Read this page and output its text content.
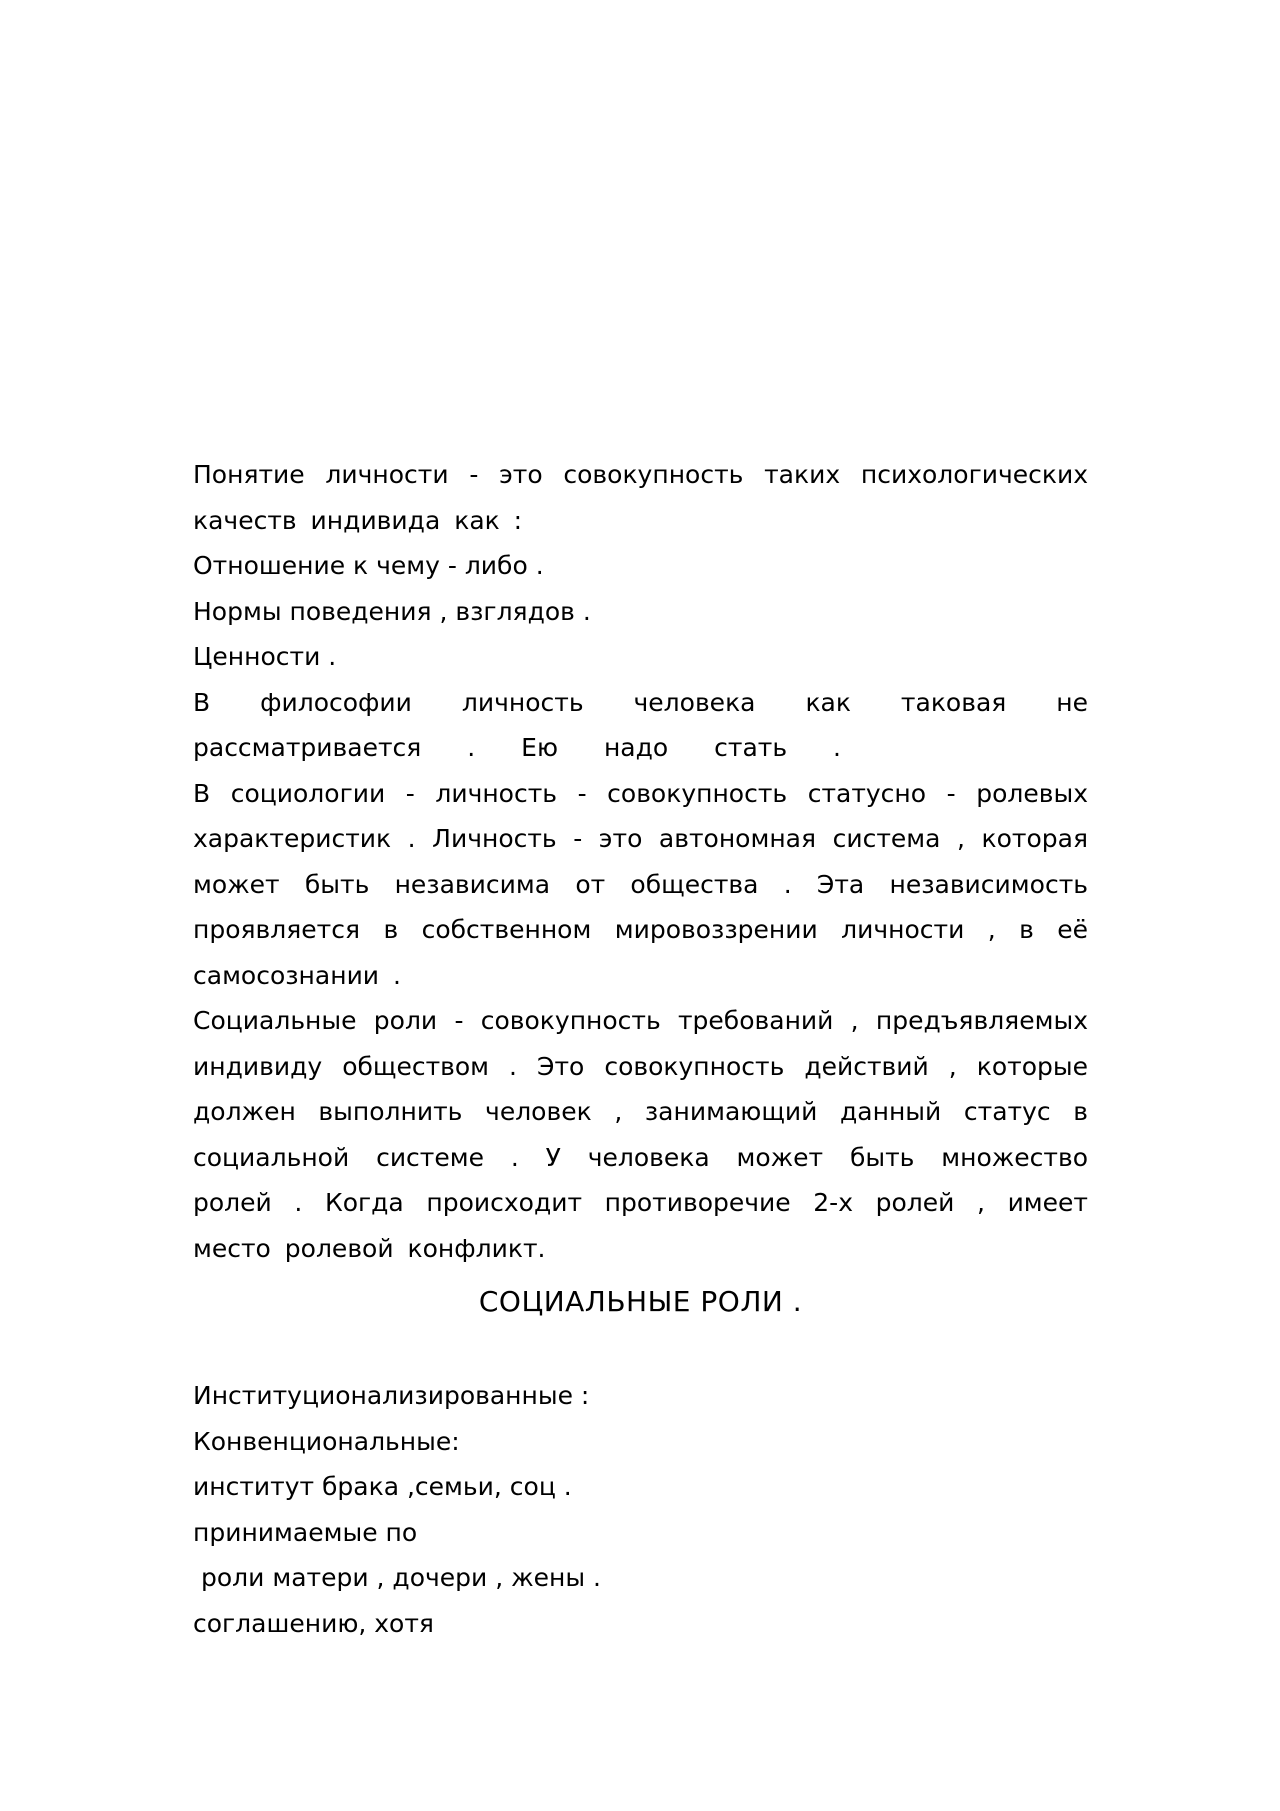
Понятие личности - это совокупность таких психологических качеств индивида как :

Отношение к чему - либо .

Нормы поведения , взглядов .

Ценности .

В философии личность человека как таковая не рассматривается . Ею надо стать .

В социологии - личность - совокупность статусно - ролевых характеристик . Личность - это автономная система , которая может быть независима от общества . Эта независимость проявляется в собственном мировоззрении личности , в её самосознании .

Социальные роли - совокупность требований , предъявляемых индивиду обществом . Это совокупность действий , которые должен выполнить человек , занимающий данный статус в социальной системе . У человека может быть множество ролей . Когда происходит противоречие 2-х ролей , имеет место ролевой конфликт.

СОЦИАЛЬНЫЕ РОЛИ .

Институционализированные :

Конвенциональные:

институт брака ,семьи, соц .

принимаемые по

роли матери , дочери , жены .

соглашению, хотя
